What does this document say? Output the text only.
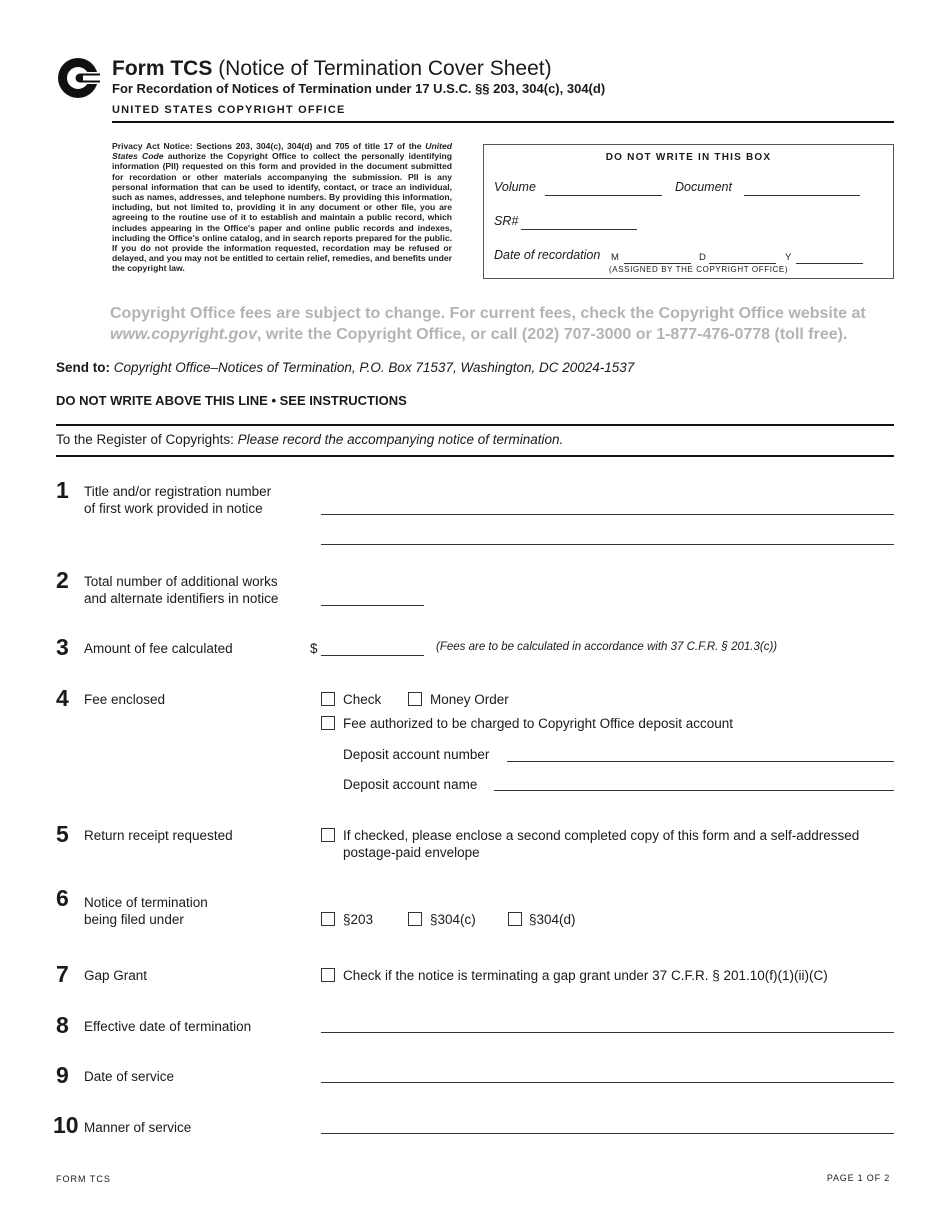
Form TCS (Notice of Termination Cover Sheet)
For Recordation of Notices of Termination under 17 U.S.C. §§ 203, 304(c), 304(d)
UNITED STATES COPYRIGHT OFFICE
Privacy Act Notice: Sections 203, 304(c), 304(d) and 705 of title 17 of the United States Code authorize the Copyright Office to collect the personally identifying information (PII) requested on this form and provided in the document submitted for recordation or other materials accompanying the submission. PII is any personal information that can be used to identify, contact, or trace an individual, such as names, addresses, and telephone numbers. By providing this information, including, but not limited to, providing it in any document or other file, you are agreeing to the routine use of it to establish and maintain a public record, which includes appearing in the Office's paper and online public records and indexes, including the Office's online catalog, and in search reports prepared for the public. If you do not provide the information requested, recordation may be refused or delayed, and you may not be entitled to certain relief, remedies, and benefits under the copyright law.
DO NOT WRITE IN THIS BOX
Volume	Document
SR#
Date of recordation M	D	Y
(ASSIGNED BY THE COPYRIGHT OFFICE)
Copyright Office fees are subject to change. For current fees, check the Copyright Office website at www.copyright.gov, write the Copyright Office, or call (202) 707-3000 or 1-877-476-0778 (toll free).
Send to: Copyright Office–Notices of Termination, P.O. Box 71537, Washington, DC 20024-1537
DO NOT WRITE ABOVE THIS LINE • SEE INSTRUCTIONS
To the Register of Copyrights: Please record the accompanying notice of termination.
1 Title and/or registration number
of first work provided in notice
2 Total number of additional works
and alternate identifiers in notice
3 Amount of fee calculated	$	(Fees are to be calculated in accordance with 37 C.F.R. § 201.3(c))
4 Fee enclosed	Check	Money Order
Fee authorized to be charged to Copyright Office deposit account
Deposit account number
Deposit account name
5 Return receipt requested	If checked, please enclose a second completed copy of this form and a self-addressed
postage-paid envelope
6 Notice of termination
being filed under	§203	§304(c)	§304(d)
7 Gap Grant	Check if the notice is terminating a gap grant under 37 C.F.R. § 201.10(f)(1)(ii)(C)
8 Effective date of termination
9 Date of service
10 Manner of service
FORM TCS	PAGE 1 OF 2
